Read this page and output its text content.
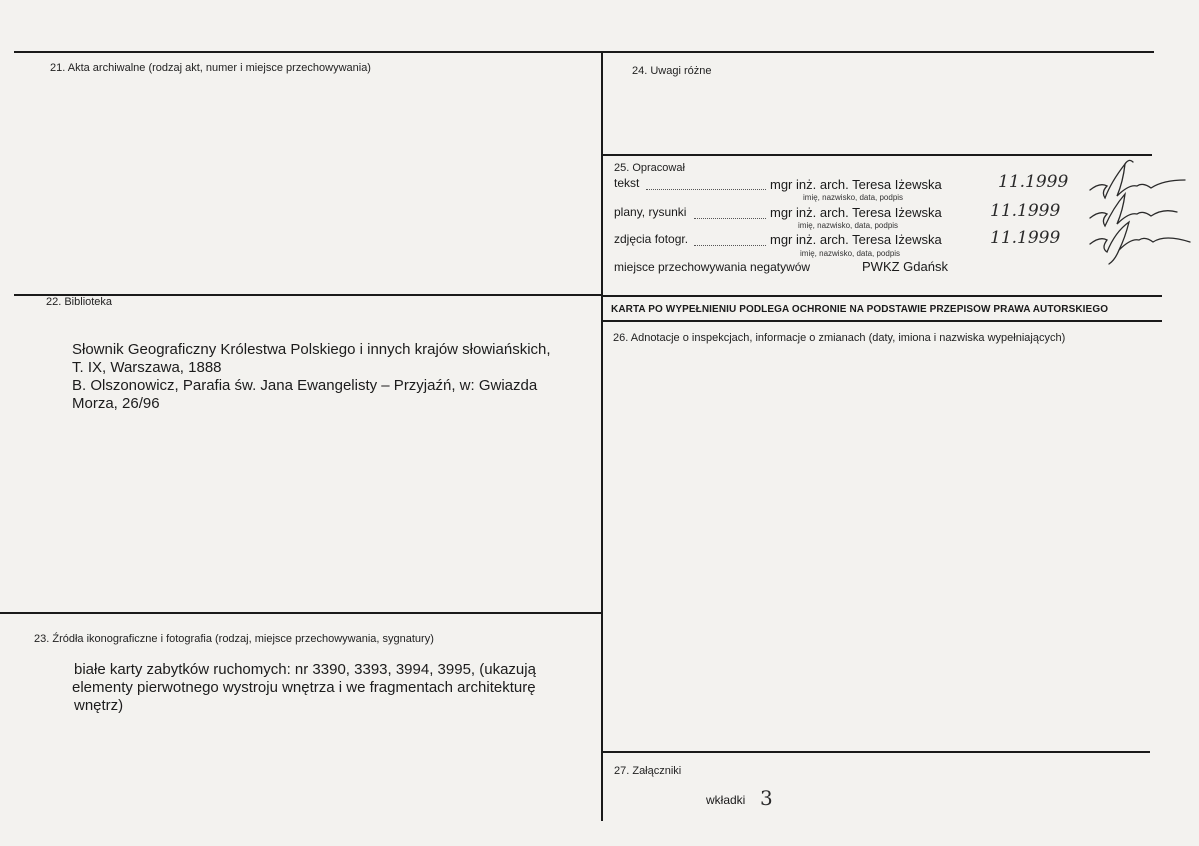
21. Akta archiwalne (rodzaj akt, numer i miejsce przechowywania)
22. Biblioteka
Słownik Geograficzny Królestwa Polskiego i innych krajów słowiańskich,
T. IX, Warszawa, 1888
B. Olszonowicz, Parafia św. Jana Ewangelisty – Przyjaźń, w: Gwiazda
Morza, 26/96
23. Źródła ikonograficzne i fotografia (rodzaj, miejsce przechowywania, sygnatury)
białe karty zabytków ruchomych: nr 3390, 3393, 3994, 3995, (ukazują
elementy pierwotnego wystroju wnętrza i we fragmentach architekturę
wnętrz)
24. Uwagi różne
25. Opracował
tekst	mgr inż. arch. Teresa Iżewska	11.1999
imię, nazwisko, data, podpis
plany, rysunki	mgr inż. arch. Teresa Iżewska	11.1999
imię, nazwisko, data, podpis
zdjęcia fotogr.	mgr inż. arch. Teresa Iżewska	11.1999
imię, nazwisko, data, podpis
miejsce przechowywania negatywów	PWKZ Gdańsk
KARTA PO WYPEŁNIENIU PODLEGA OCHRONIE NA PODSTAWIE PRZEPISÓW PRAWA AUTORSKIEGO
26. Adnotacje o inspekcjach, informacje o zmianach (daty, imiona i nazwiska wypełniających)
27. Załączniki
wkładki 3
